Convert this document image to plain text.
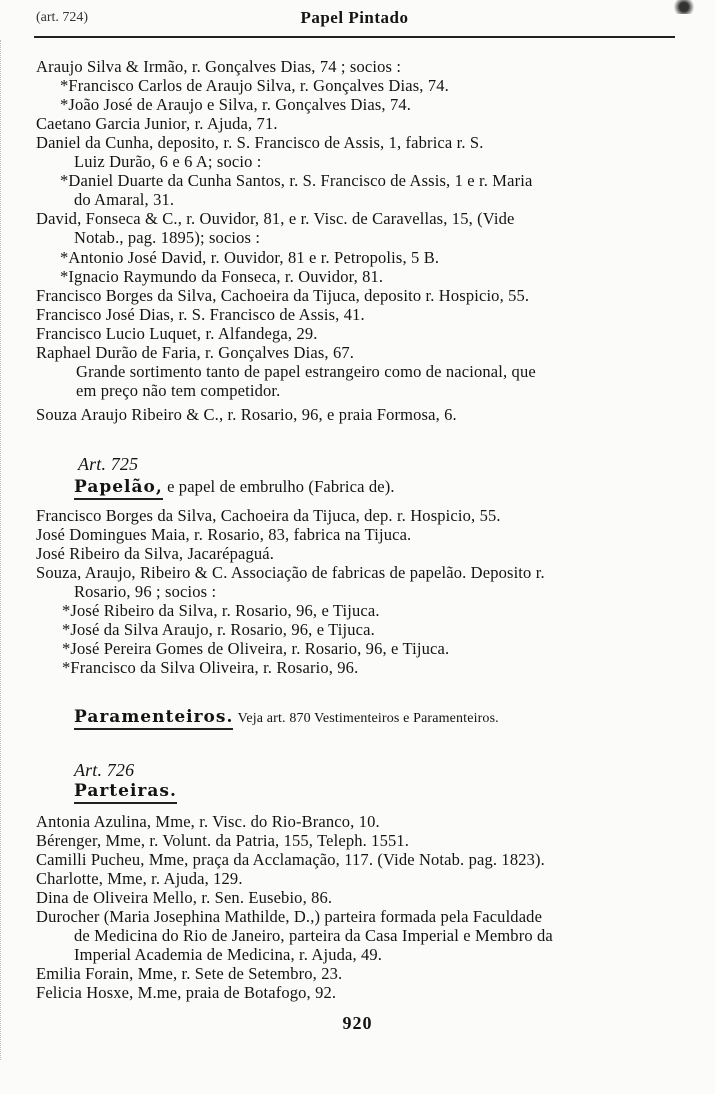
(art. 724)	Papel Pintado
Araujo Silva & Irmão, r. Gonçalves Dias, 74 ; socios :
*Francisco Carlos de Araujo Silva, r. Gonçalves Dias, 74.
*João José de Araujo e Silva, r. Gonçalves Dias, 74.
Caetano Garcia Junior, r. Ajuda, 71.
Daniel da Cunha, deposito, r. S. Francisco de Assis, 1, fabrica r. S.
Luiz Durão, 6 e 6 A; socio :
*Daniel Duarte da Cunha Santos, r. S. Francisco de Assis, 1 e r. Maria
do Amaral, 31.
David, Fonseca & C., r. Ouvidor, 81, e r. Visc. de Caravellas, 15, (Vide
Notab., pag. 1895); socios :
*Antonio José David, r. Ouvidor, 81 e r. Petropolis, 5 B.
*Ignacio Raymundo da Fonseca, r. Ouvidor, 81.
Francisco Borges da Silva, Cachoeira da Tijuca, deposito r. Hospicio, 55.
Francisco José Dias, r. S. Francisco de Assis, 41.
Francisco Lucio Luquet, r. Alfandega, 29.
Raphael Durão de Faria, r. Gonçalves Dias, 67.
Grande sortimento tanto de papel estrangeiro como de nacional, que
em preço não tem competidor.
Souza Araujo Ribeiro & C., r. Rosario, 96, e praia Formosa, 6.
Art. 725
Papelão, e papel de embrulho (Fabrica de).
Francisco Borges da Silva, Cachoeira da Tijuca, dep. r. Hospicio, 55.
José Domingues Maia, r. Rosario, 83, fabrica na Tijuca.
José Ribeiro da Silva, Jacarépaguá.
Souza, Araujo, Ribeiro & C. Associação de fabricas de papelão. Deposito r.
Rosario, 96 ; socios :
*José Ribeiro da Silva, r. Rosario, 96, e Tijuca.
*José da Silva Araujo, r. Rosario, 96, e Tijuca.
*José Pereira Gomes de Oliveira, r. Rosario, 96, e Tijuca.
*Francisco da Silva Oliveira, r. Rosario, 96.
Paramenteiros. Veja art. 870 Vestimenteiros e Paramenteiros.
Art. 726
Parteiras.
Antonia Azulina, Mme, r. Visc. do Rio-Branco, 10.
Bérenger, Mme, r. Volunt. da Patria, 155, Teleph. 1551.
Camilli Pucheu, Mme, praça da Acclamação, 117. (Vide Notab. pag. 1823).
Charlotte, Mme, r. Ajuda, 129.
Dina de Oliveira Mello, r. Sen. Eusebio, 86.
Durocher (Maria Josephina Mathilde, D.,) parteira formada pela Faculdade
de Medicina do Rio de Janeiro, parteira da Casa Imperial e Membro da
Imperial Academia de Medicina, r. Ajuda, 49.
Emilia Forain, Mme, r. Sete de Setembro, 23.
Felicia Hosxe, M.me, praia de Botafogo, 92.
920
